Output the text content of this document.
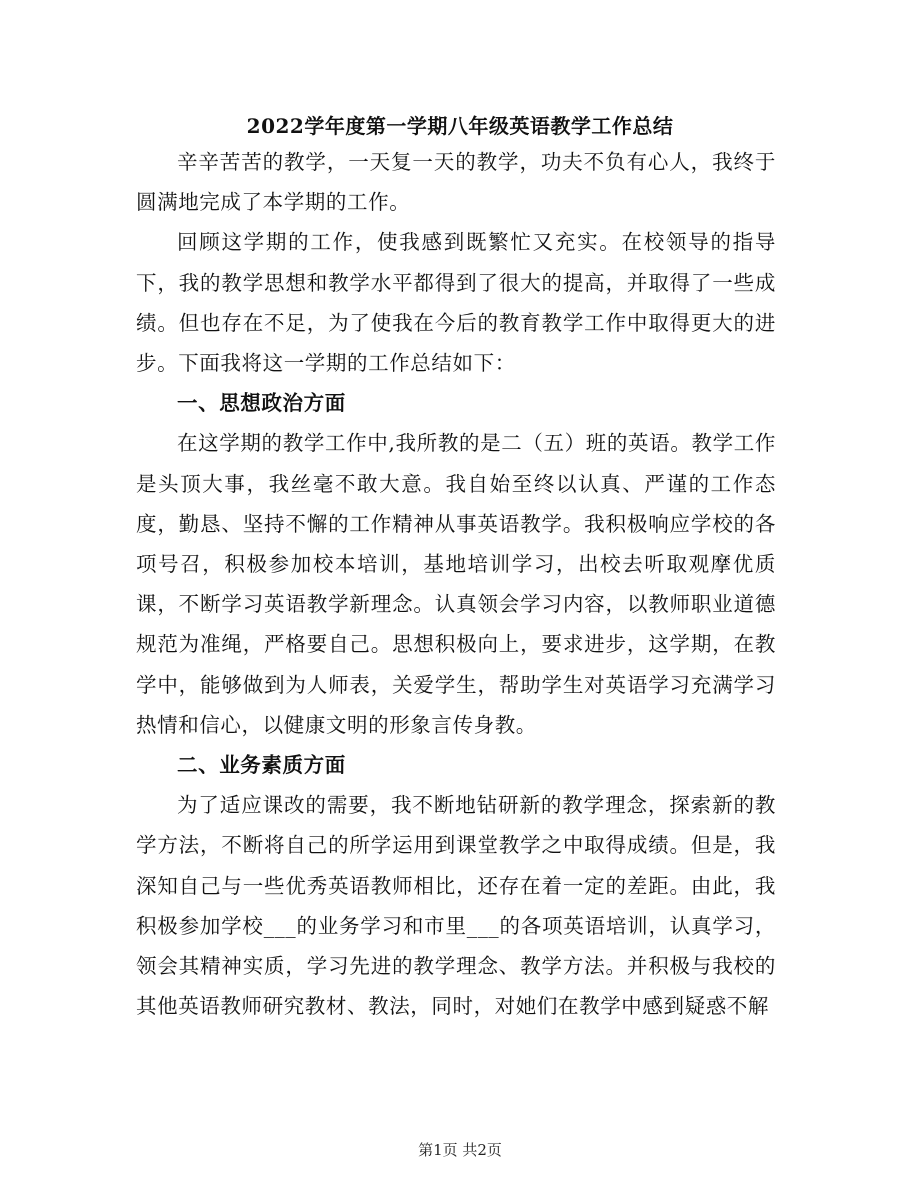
2022学年度第一学期八年级英语教学工作总结

辛辛苦苦的教学，一天复一天的教学，功夫不负有心人，我终于圆满地完成了本学期的工作。

回顾这学期的工作，使我感到既繁忙又充实。在校领导的指导下，我的教学思想和教学水平都得到了很大的提高，并取得了一些成绩。但也存在不足，为了使我在今后的教育教学工作中取得更大的进步。下面我将这一学期的工作总结如下：

一、思想政治方面

在这学期的教学工作中,我所教的是二（五）班的英语。教学工作是头顶大事，我丝毫不敢大意。我自始至终以认真、严谨的工作态度，勤恳、坚持不懈的工作精神从事英语教学。我积极响应学校的各项号召，积极参加校本培训，基地培训学习，出校去听取观摩优质课，不断学习英语教学新理念。认真领会学习内容，以教师职业道德规范为准绳，严格要自己。思想积极向上，要求进步，这学期，在教学中，能够做到为人师表，关爱学生，帮助学生对英语学习充满学习热情和信心，以健康文明的形象言传身教。

二、业务素质方面

为了适应课改的需要，我不断地钻研新的教学理念，探索新的教学方法，不断将自己的所学运用到课堂教学之中取得成绩。但是，我深知自己与一些优秀英语教师相比，还存在着一定的差距。由此，我积极参加学校___的业务学习和市里___的各项英语培训，认真学习，领会其精神实质，学习先进的教学理念、教学方法。并积极与我校的其他英语教师研究教材、教法，同时，对她们在教学中感到疑惑不解

第1页 共2页
